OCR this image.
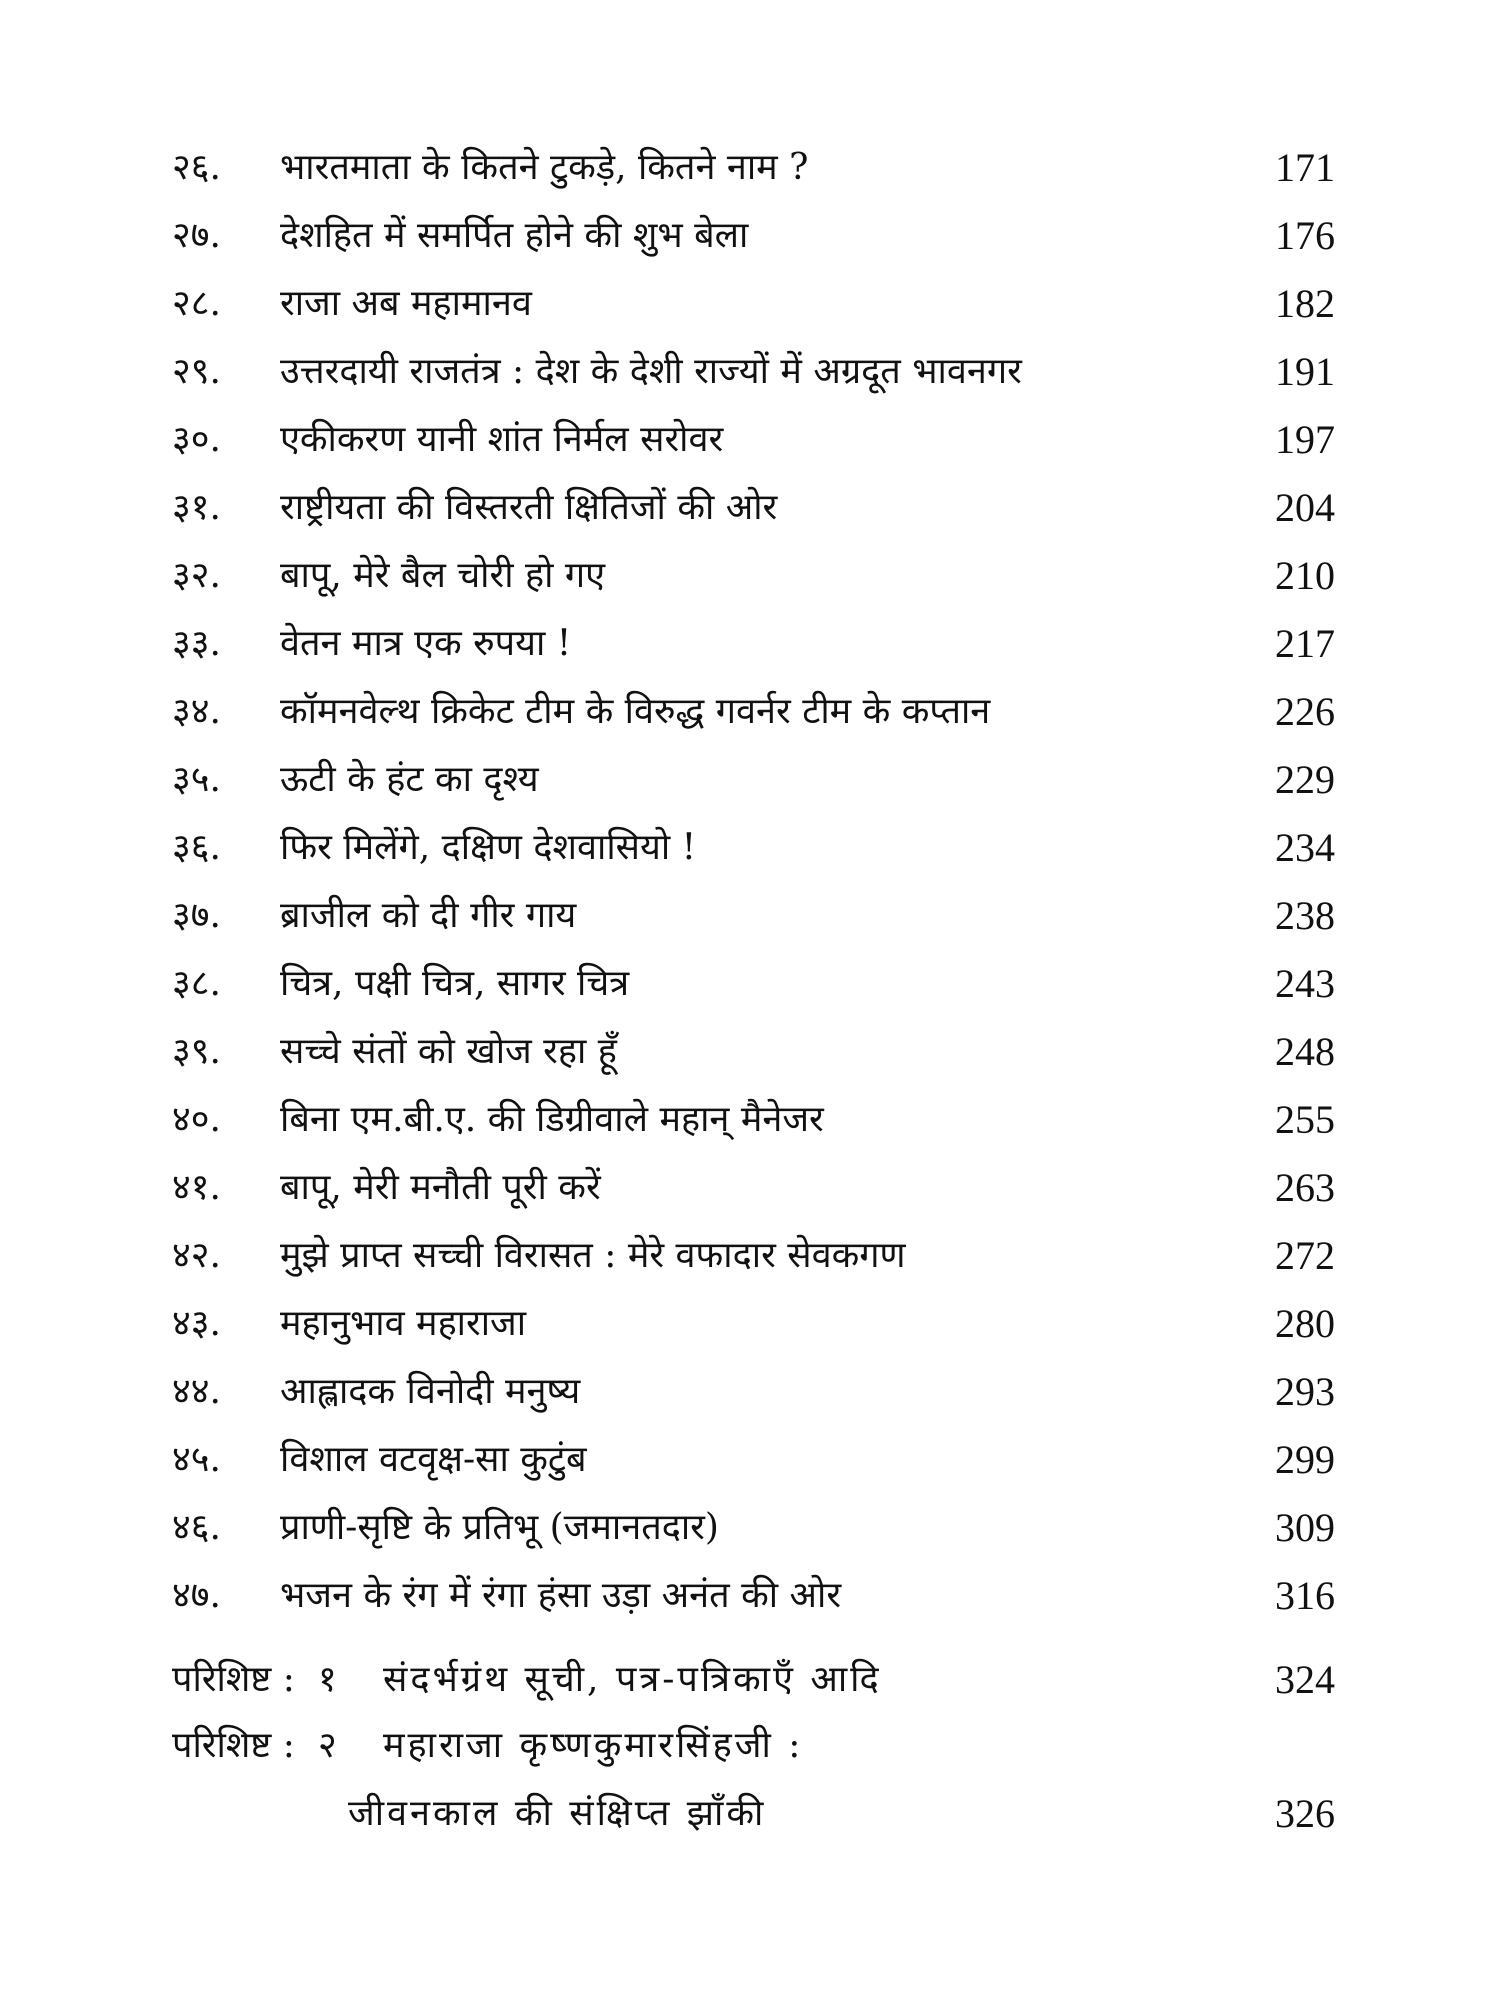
२६. भारतमाता के कितने टुकड़े, कितने नाम ?	171
२७. देशहित में समर्पित होने की शुभ बेला	176
२८. राजा अब महामानव	182
२९. उत्तरदायी राजतंत्र : देश के देशी राज्यों में अग्रदूत भावनगर	191
३०. एकीकरण यानी शांत निर्मल सरोवर	197
३१. राष्ट्रीयता की विस्तरती क्षितिजों की ओर	204
३२. बापू, मेरे बैल चोरी हो गए	210
३३. वेतन मात्र एक रुपया !	217
३४. कॉमनवेल्थ क्रिकेट टीम के विरुद्ध गवर्नर टीम के कप्तान	226
३५. ऊटी के हंट का दृश्य	229
३६. फिर मिलेंगे, दक्षिण देशवासियो !	234
३७. ब्राजील को दी गीर गाय	238
३८. चित्र, पक्षी चित्र, सागर चित्र	243
३९. सच्चे संतों को खोज रहा हूँ	248
४०. बिना एम.बी.ए. की डिग्रीवाले महान् मैनेजर	255
४१. बापू, मेरी मनौती पूरी करें	263
४२. मुझे प्राप्त सच्ची विरासत : मेरे वफादार सेवकगण	272
४३. महानुभाव महाराजा	280
४४. आह्लादक विनोदी मनुष्य	293
४५. विशाल वटवृक्ष-सा कुटुंब	299
४६. प्राणी-सृष्टि के प्रतिभू (जमानतदार)	309
४७. भजन के रंग में रंगा हंसा उड़ा अनंत की ओर	316
परिशिष्ट : १ संदर्भग्रंथ सूची, पत्र-पत्रिकाएँ आदि	324
परिशिष्ट : २ महाराजा कृष्णकुमारसिंहजी :
जीवनकाल की संक्षिप्त झाँकी	326
